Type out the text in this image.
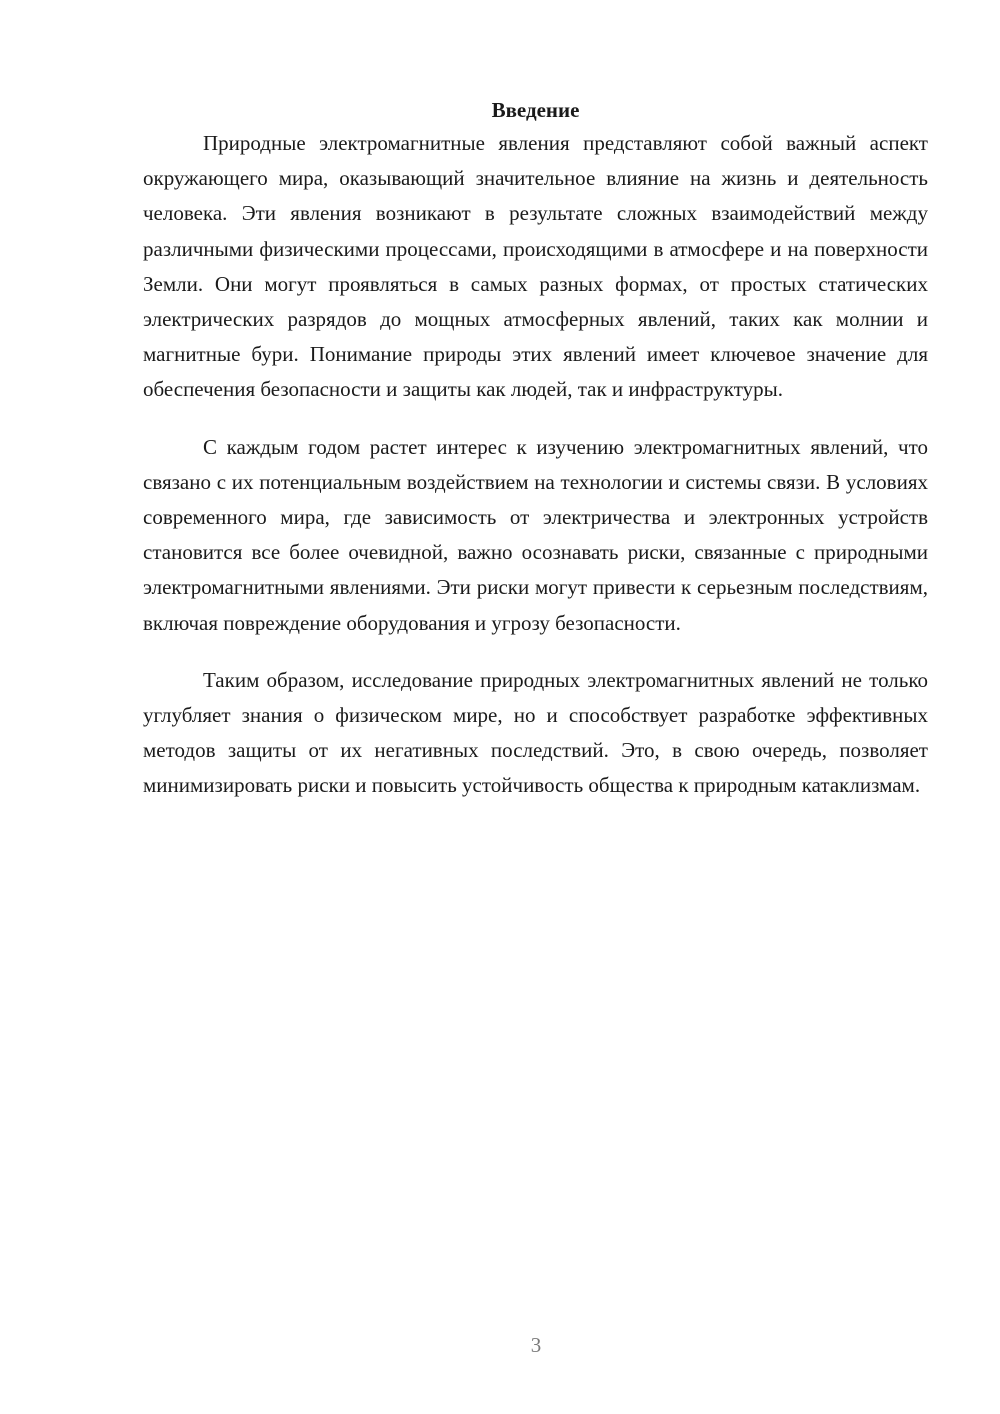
Введение

Природные электромагнитные явления представляют собой важный аспект окружающего мира, оказывающий значительное влияние на жизнь и деятельность человека. Эти явления возникают в результате сложных взаимодействий между различными физическими процессами, происходящими в атмосфере и на поверхности Земли. Они могут проявляться в самых разных формах, от простых статических электрических разрядов до мощных атмосферных явлений, таких как молнии и магнитные бури. Понимание природы этих явлений имеет ключевое значение для обеспечения безопасности и защиты как людей, так и инфраструктуры.

С каждым годом растет интерес к изучению электромагнитных явлений, что связано с их потенциальным воздействием на технологии и системы связи. В условиях современного мира, где зависимость от электричества и электронных устройств становится все более очевидной, важно осознавать риски, связанные с природными электромагнитными явлениями. Эти риски могут привести к серьезным последствиям, включая повреждение оборудования и угрозу безопасности.

Таким образом, исследование природных электромагнитных явлений не только углубляет знания о физическом мире, но и способствует разработке эффективных методов защиты от их негативных последствий. Это, в свою очередь, позволяет минимизировать риски и повысить устойчивость общества к природным катаклизмам.

3
